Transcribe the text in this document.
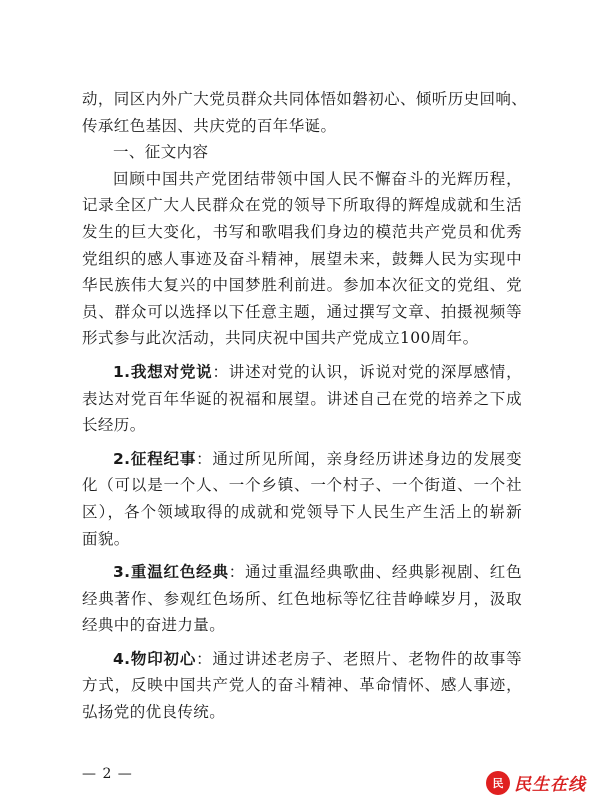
动，同区内外广大党员群众共同体悟如磐初心、倾听历史回响、
传承红色基因、共庆党的百年华诞。

一、征文内容

回顾中国共产党团结带领中国人民不懈奋斗的光辉历程，
记录全区广大人民群众在党的领导下所取得的辉煌成就和生活
发生的巨大变化，书写和歌唱我们身边的模范共产党员和优秀
党组织的感人事迹及奋斗精神，展望未来，鼓舞人民为实现中
华民族伟大复兴的中国梦胜利前进。参加本次征文的党组、党
员、群众可以选择以下任意主题，通过撰写文章、拍摄视频等
形式参与此次活动，共同庆祝中国共产党成立100周年。

1.我想对党说：讲述对党的认识，诉说对党的深厚感情，
表达对党百年华诞的祝福和展望。讲述自己在党的培养之下成
长经历。

2.征程纪事：通过所见所闻，亲身经历讲述身边的发展变
化（可以是一个人、一个乡镇、一个村子、一个街道、一个社
区），各个领域取得的成就和党领导下人民生产生活上的崭新
面貌。

3.重温红色经典：通过重温经典歌曲、经典影视剧、红色
经典著作、参观红色场所、红色地标等忆往昔峥嵘岁月，汲取
经典中的奋进力量。

4.物印初心：通过讲述老房子、老照片、老物件的故事等
方式，反映中国共产党人的奋斗精神、革命情怀、感人事迹，
弘扬党的优良传统。

— 2 —
民 民生在线
